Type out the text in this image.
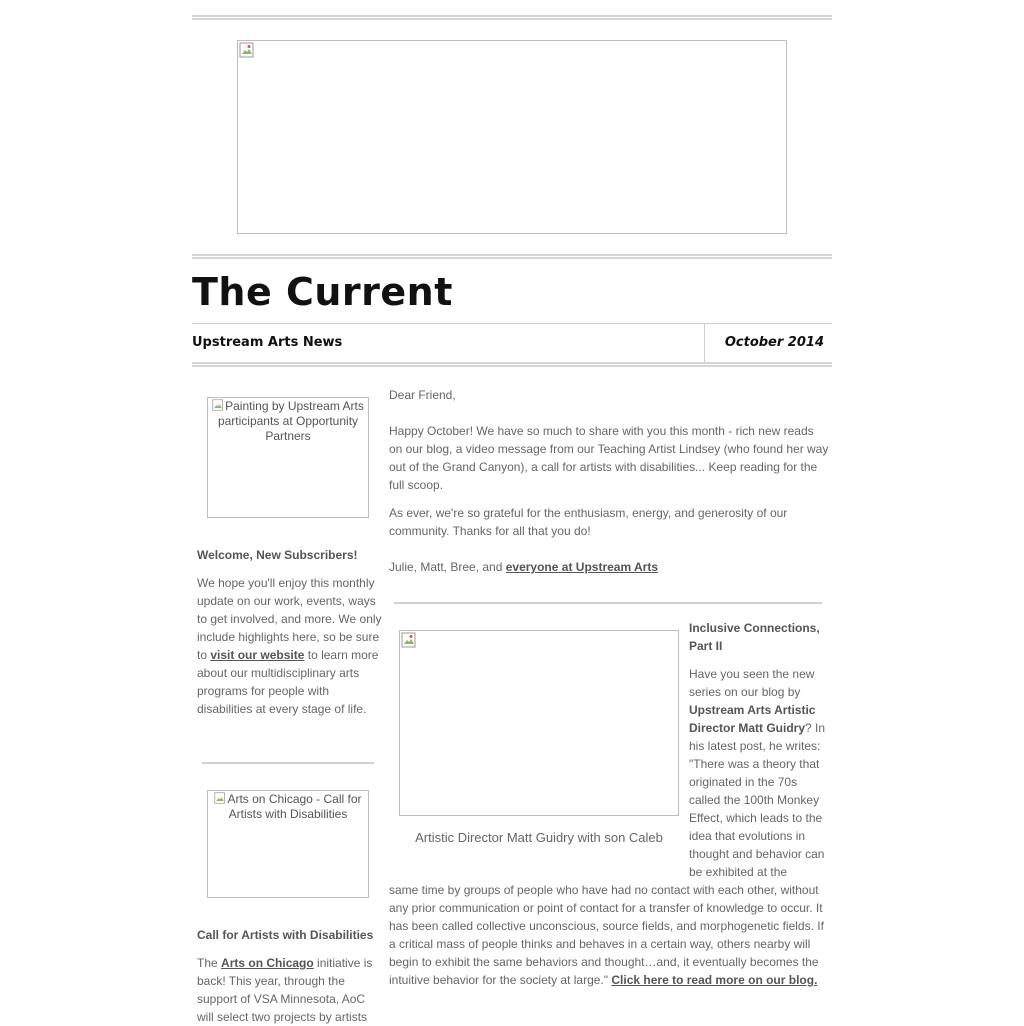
The Current
Upstream Arts News	October 2014
Painting by Upstream Arts participants at Opportunity Partners
Welcome, New Subscribers!
We hope you'll enjoy this monthly update on our work, events, ways to get involved, and more. We only include highlights here, so be sure to visit our website to learn more about our multidisciplinary arts programs for people with disabilities at every stage of life.
Arts on Chicago - Call for Artists with Disabilities
Call for Artists with Disabilities
The Arts on Chicago initiative is back! This year, through the support of VSA Minnesota, AoC will select two projects by artists
Dear Friend,
Happy October! We have so much to share with you this month - rich new reads on our blog, a video message from our Teaching Artist Lindsey (who found her way out of the Grand Canyon), a call for artists with disabilities... Keep reading for the full scoop.
As ever, we're so grateful for the enthusiasm, energy, and generosity of our community. Thanks for all that you do!
Julie, Matt, Bree, and everyone at Upstream Arts
Artistic Director Matt Guidry with son Caleb
Inclusive Connections, Part II
Have you seen the new series on our blog by Upstream Arts Artistic Director Matt Guidry? In his latest post, he writes: "There was a theory that originated in the 70s called the 100th Monkey Effect, which leads to the idea that evolutions in thought and behavior can be exhibited at the
same time by groups of people who have had no contact with each other, without any prior communication or point of contact for a transfer of knowledge to occur. It has been called collective unconscious, source fields, and morphogenetic fields. If a critical mass of people thinks and behaves in a certain way, others nearby will begin to exhibit the same behaviors and thought…and, it eventually becomes the intuitive behavior for the society at large." Click here to read more on our blog.
